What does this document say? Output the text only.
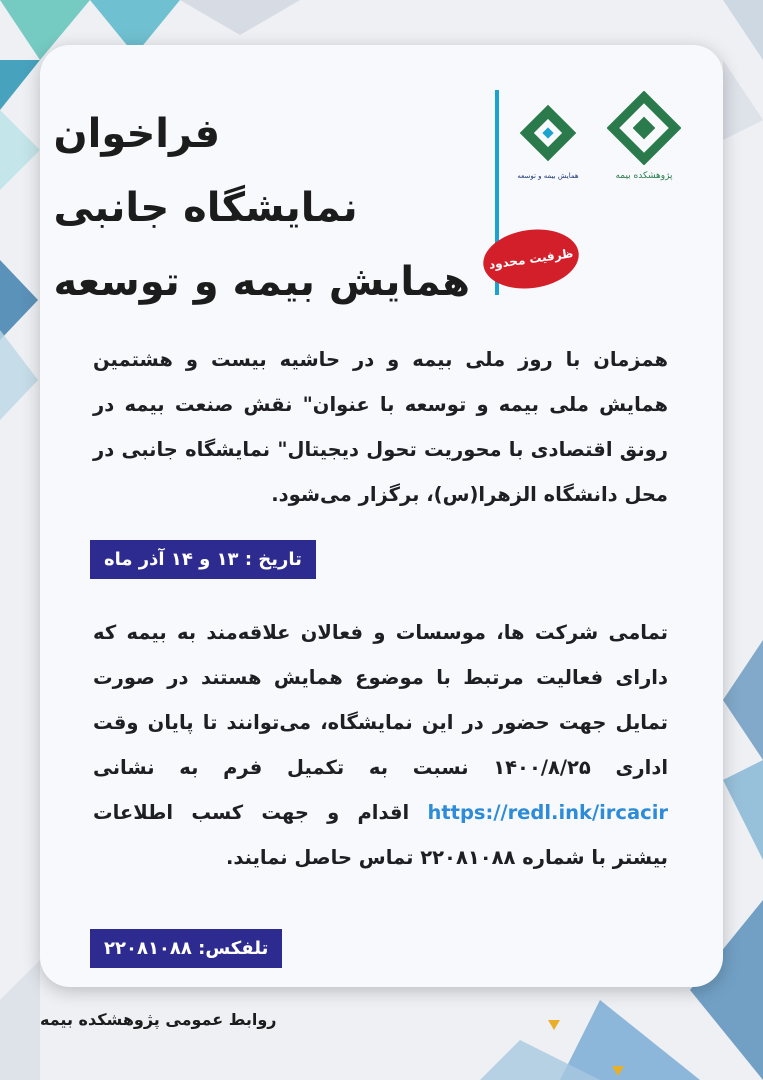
پژوهشکده بیمه
همایش بیمه و توسعه
فراخوان
نمایشگاه جانبی
همایش بیمه و توسعه	ظرفیت محدود
همزمان با روز ملی بیمه و در حاشیه بیست و هشتمین همایش ملی بیمه و توسعه با عنوان" نقش صنعت بیمه در رونق اقتصادی با محوریت تحول دیجیتال" نمایشگاه جانبی در محل دانشگاه الزهرا(س)، برگزار می‌شود.
تاریخ : ۱۳ و ۱۴ آذر ماه
تمامی شرکت ها، موسسات و فعالان علاقه‌مند به بیمه که دارای فعالیت مرتبط با موضوع همایش هستند در صورت تمایل جهت حضور در این نمایشگاه، می‌توانند تا پایان وقت اداری ۱۴۰۰/۸/۲۵ نسبت به تکمیل فرم به نشانی https://redl.ink/ircacir اقدام و جهت کسب اطلاعات بیشتر با شماره ۲۲۰۸۱۰۸۸ تماس حاصل نمایند.
تلفکس: ۲۲۰۸۱۰۸۸
روابط عمومی پژوهشکده بیمه
